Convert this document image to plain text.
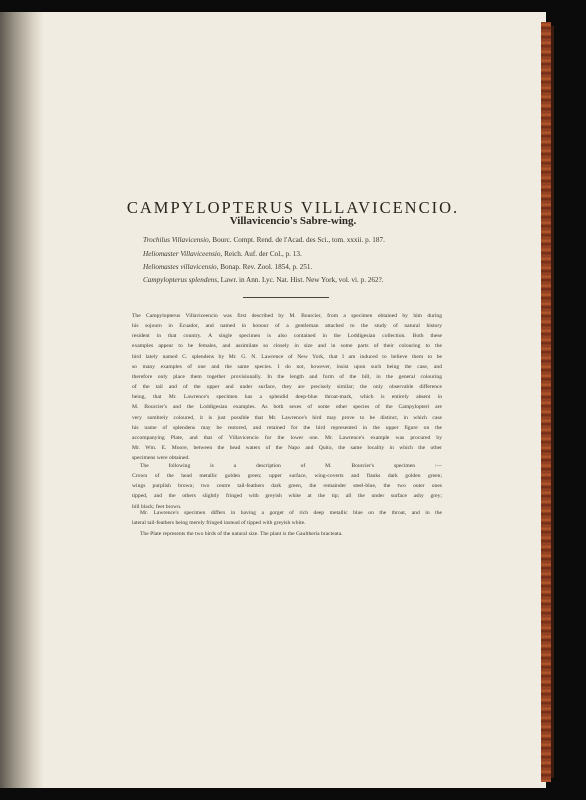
CAMPYLOPTERUS VILLAVICENCIO.
Villavicencio's Sabre-wing.
Trochilus Villavicensio, Bourc. Compt. Rend. de l'Acad. des Sci., tom. xxxii. p. 187.
Heliomaster Villaviceensio, Reich. Auf. der Col., p. 13.
Heliomastes villavicensio, Bonap. Rev. Zool. 1854, p. 251.
Campylopterus splendens, Lawr. in Ann. Lyc. Nat. Hist. New York, vol. vi. p. 262?.
The Campylopterus Villaviceencio was first described by M. Bourcier, from a specimen obtained by him during
his sojourn in Ecuador, and named in honour of a gentleman attached to the study of natural history
resident in that country. A single specimen is also contained in the Loddigesian collection. Both these
examples appear to be females, and assimilate so closely in size and in some parts of their colouring to the
bird lately named C. splendens by Mr. G. N. Lawrence of New York, that I am induced to believe them to be
so many examples of one and the same species. I do not, however, insist upon such being the case, and
therefore only place them together provisionally. In the length and form of the bill, in the general colouring
of the tail and of the upper and under surface, they are precisely similar; the only observable difference
being, that Mr. Lawrence's specimen has a splendid deep-blue throat-mark, which is entirely absent in
M. Bourcier's and the Loddigesian examples. As both sexes of some other species of the Campylopteri are
very sombrely coloured, it is just possible that Mr. Lawrence's bird may prove to be distinct, in which case
his name of splendens may be restored, and retained for the bird represented in the upper figure on the
accompanying Plate, and that of Villavicencio for the lower one. Mr. Lawrence's example was procured by
Mr. Wm. E. Moore, between the head waters of the Napo and Quito, the same locality in which the other
specimens were obtained.
The following is a description of M. Bourcier's specimen :—
Crown of the head metallic golden green; upper surface, wing-coverts and flanks dark golden green;
wings purplish brown; two centre tail-feathers dark green, the remainder steel-blue, the two outer ones
tipped, and the others slightly fringed with greyish white at the tip; all the under surface ashy grey;
bill black; feet brown.
Mr. Lawrence's specimen differs in having a gorget of rich deep metallic blue on the throat, and in the
lateral tail-feathers being merely fringed instead of tipped with greyish white.
The Plate represents the two birds of the natural size. The plant is the Gaultheria bracteata.
